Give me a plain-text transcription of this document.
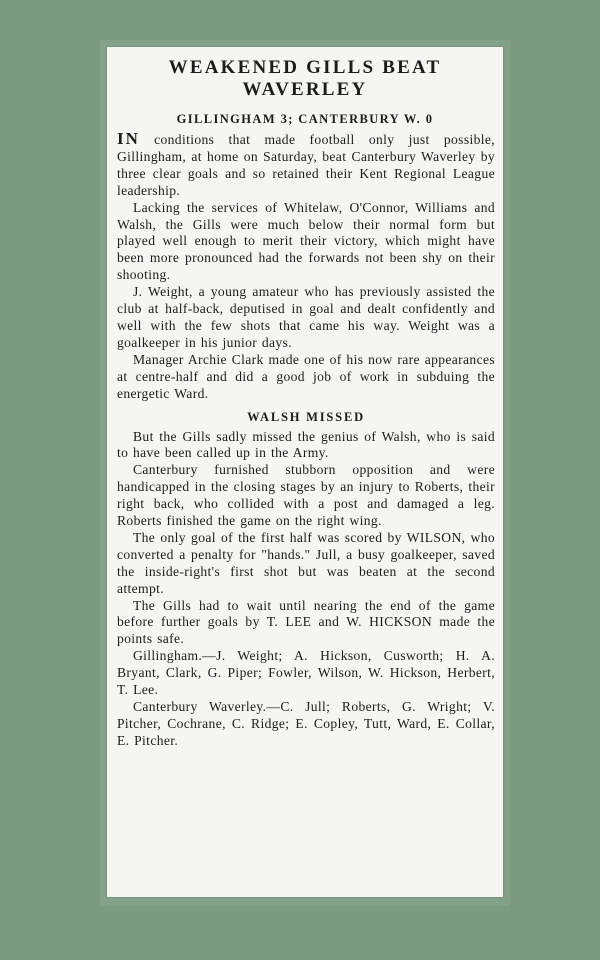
WEAKENED GILLS BEAT WAVERLEY
GILLINGHAM 3; CANTERBURY W. 0

IN conditions that made football only just possible, Gillingham, at home on Saturday, beat Canterbury Waverley by three clear goals and so retained their Kent Regional League leadership.

Lacking the services of Whitelaw, O'Connor, Williams and Walsh, the Gills were much below their normal form but played well enough to merit their victory, which might have been more pronounced had the forwards not been shy on their shooting.

J. Weight, a young amateur who has previously assisted the club at half-back, deputised in goal and dealt confidently and well with the few shots that came his way. Weight was a goalkeeper in his junior days.

Manager Archie Clark made one of his now rare appearances at centre-half and did a good job of work in subduing the energetic Ward.

WALSH MISSED

But the Gills sadly missed the genius of Walsh, who is said to have been called up in the Army.

Canterbury furnished stubborn opposition and were handicapped in the closing stages by an injury to Roberts, their right back, who collided with a post and damaged a leg. Roberts finished the game on the right wing.

The only goal of the first half was scored by WILSON, who converted a penalty for "hands." Jull, a busy goalkeeper, saved the inside-right's first shot but was beaten at the second attempt.

The Gills had to wait until nearing the end of the game before further goals by T. LEE and W. HICKSON made the points safe.

Gillingham.—J. Weight; A. Hickson, Cusworth; H. A. Bryant, Clark, G. Piper; Fowler, Wilson, W. Hickson, Herbert, T. Lee.

Canterbury Waverley.—C. Jull; Roberts, G. Wright; V. Pitcher, Cochrane, C. Ridge; E. Copley, Tutt, Ward, E. Collar, E. Pitcher.
